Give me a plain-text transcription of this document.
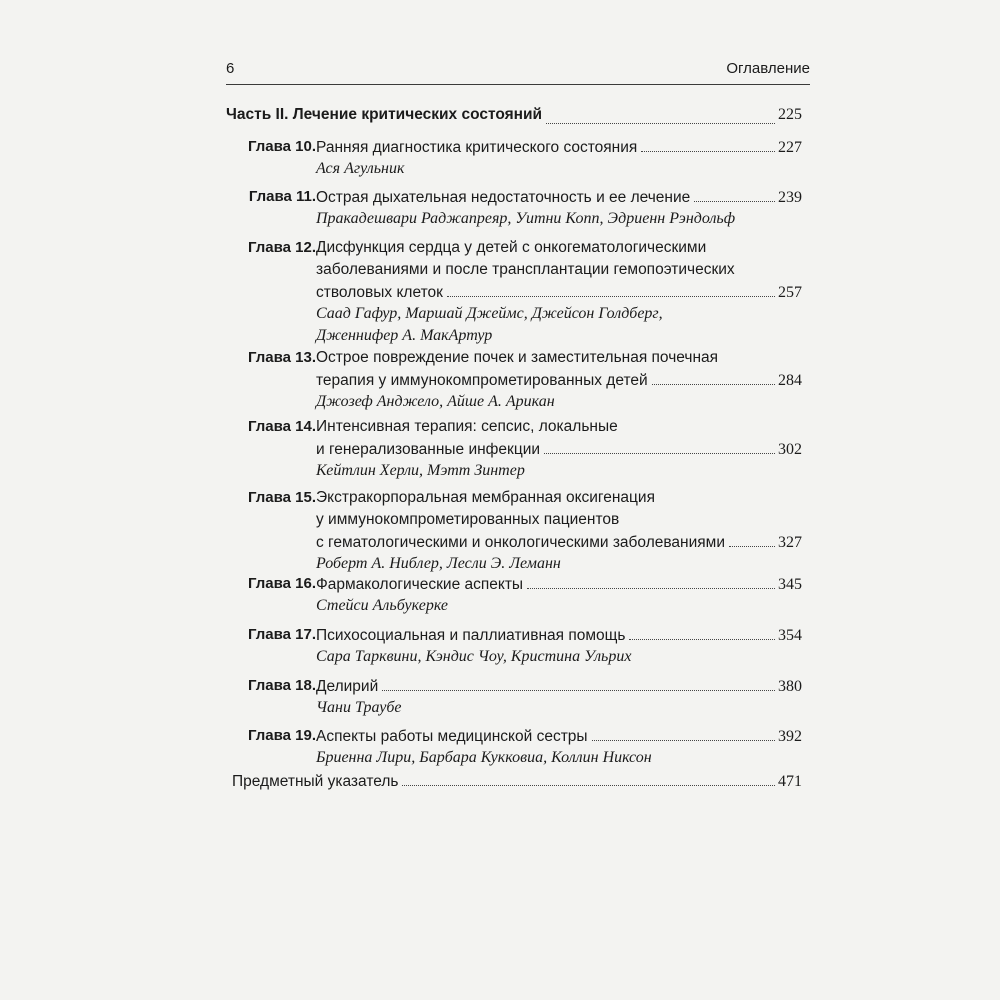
6	Оглавление
Часть II. Лечение критических состояний	225
Глава 10. Ранняя диагностика критического состояния	227
Ася Агульник
Глава 11. Острая дыхательная недостаточность и ее лечение	239
Пракадешвари Раджапреяр, Уитни Копп, Эдриенн Рэндольф
Глава 12. Дисфункция сердца у детей с онкогематологическими
заболеваниями и после трансплантации гемопоэтических
стволовых клеток	257
Саад Гафур, Маршай Джеймс, Джейсон Голдберг,
Дженнифер А. МакАртур
Глава 13. Острое повреждение почек и заместительная почечная
терапия у иммунокомпрометированных детей	284
Джозеф Анджело, Айше А. Арикан
Глава 14. Интенсивная терапия: сепсис, локальные
и генерализованные инфекции	302
Кейтлин Херли, Мэтт Зинтер
Глава 15. Экстракорпоральная мембранная оксигенация
у иммунокомпрометированных пациентов
с гематологическими и онкологическими заболеваниями	327
Роберт А. Ниблер, Лесли Э. Леманн
Глава 16. Фармакологические аспекты	345
Стейси Альбукерке
Глава 17. Психосоциальная и паллиативная помощь	354
Сара Тарквини, Кэндис Чоу, Кристина Ульрих
Глава 18. Делирий	380
Чани Траубе
Глава 19. Аспекты работы медицинской сестры	392
Бриенна Лири, Барбара Кукковиа, Коллин Никсон
Предметный указатель	471
